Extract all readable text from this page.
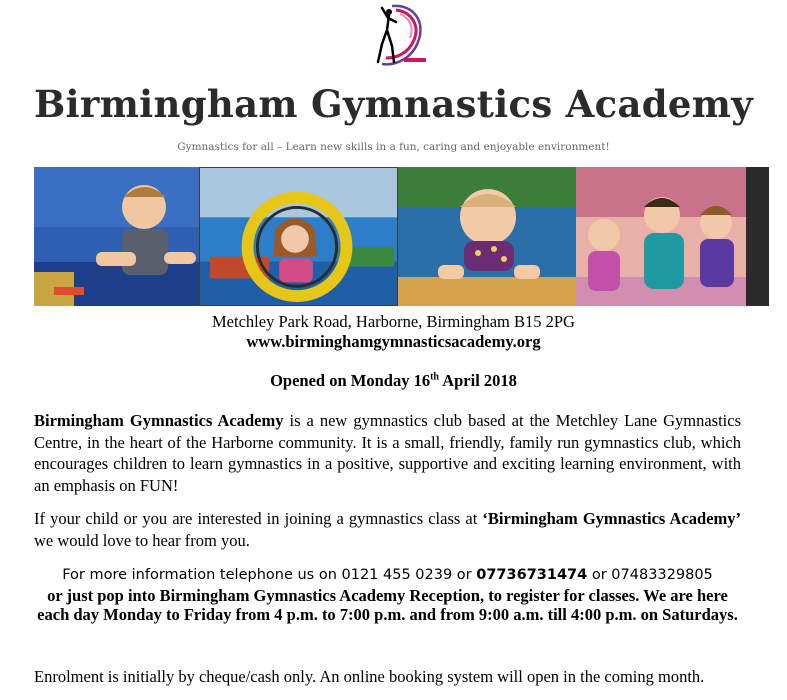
Birmingham Gymnastics Academy
Gymnastics for all – Learn new skills in a fun, caring and enjoyable environment!
Metchley Park Road, Harborne, Birmingham B15 2PG
www.birminghamgymnasticsacademy.org
Opened on Monday 16th April 2018
Birmingham Gymnastics Academy is a new gymnastics club based at the Metchley Lane Gymnastics Centre, in the heart of the Harborne community. It is a small, friendly, family run gymnastics club, which encourages children to learn gymnastics in a positive, supportive and exciting learning environment, with an emphasis on FUN!
If your child or you are interested in joining a gymnastics class at ‘Birmingham Gymnastics Academy’ we would love to hear from you.
For more information telephone us on 0121 455 0239 or 07736731474 or 07483329805
or just pop into Birmingham Gymnastics Academy Reception, to register for classes. We are here each day Monday to Friday from 4 p.m. to 7:00 p.m. and from 9:00 a.m. till 4:00 p.m. on Saturdays.
Enrolment is initially by cheque/cash only. An online booking system will open in the coming month.
